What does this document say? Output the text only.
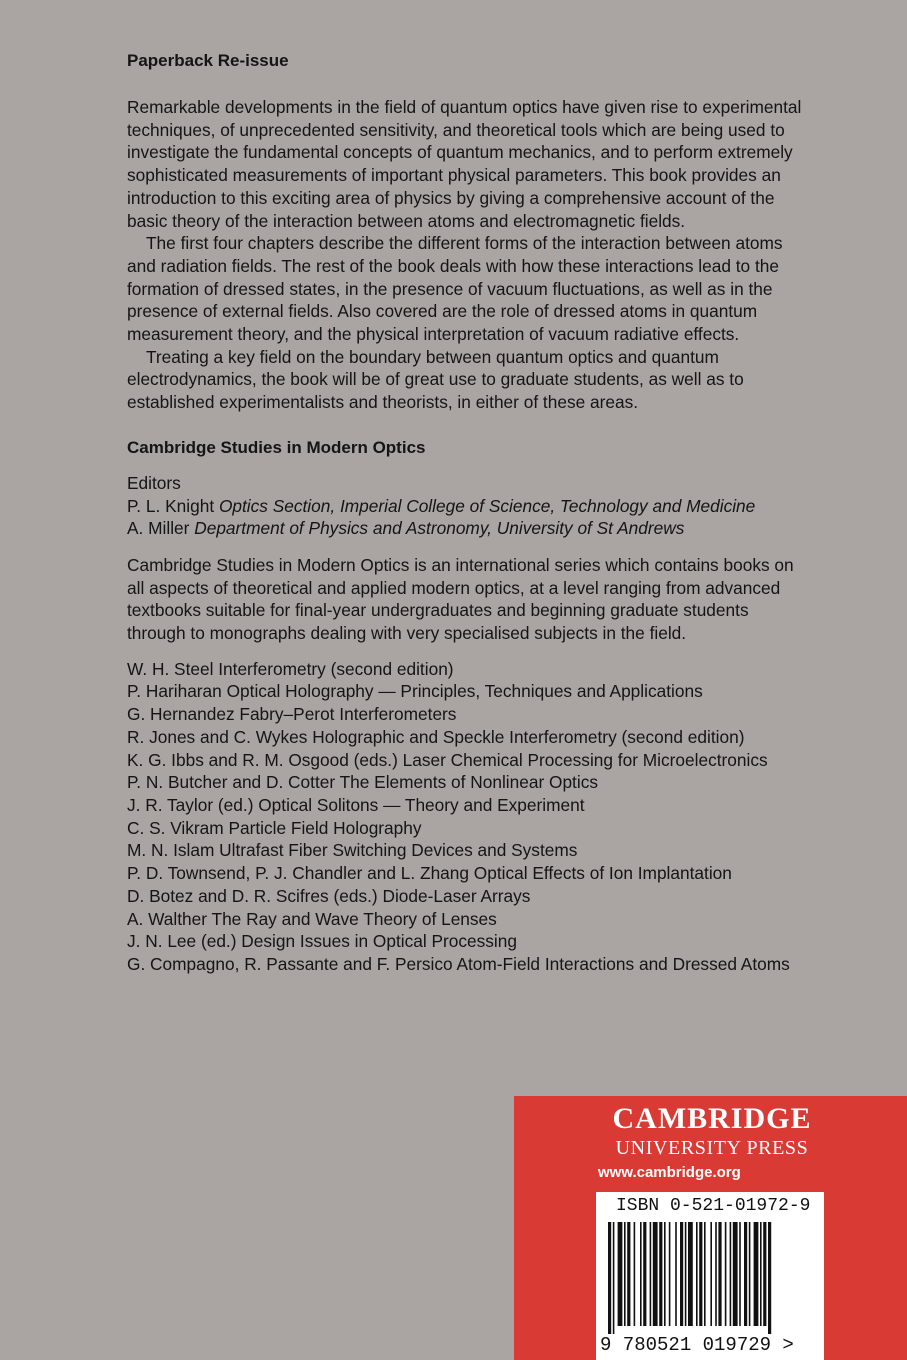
Paperback Re-issue

Remarkable developments in the field of quantum optics have given rise to experimental techniques, of unprecedented sensitivity, and theoretical tools which are being used to investigate the fundamental concepts of quantum mechanics, and to perform extremely sophisticated measurements of important physical parameters. This book provides an introduction to this exciting area of physics by giving a comprehensive account of the basic theory of the interaction between atoms and electromagnetic fields.

The first four chapters describe the different forms of the interaction between atoms and radiation fields. The rest of the book deals with how these interactions lead to the formation of dressed states, in the presence of vacuum fluctuations, as well as in the presence of external fields. Also covered are the role of dressed atoms in quantum measurement theory, and the physical interpretation of vacuum radiative effects.

Treating a key field on the boundary between quantum optics and quantum electrodynamics, the book will be of great use to graduate students, as well as to established experimentalists and theorists, in either of these areas.

Cambridge Studies in Modern Optics

Editors

P. L. Knight Optics Section, Imperial College of Science, Technology and Medicine

A. Miller Department of Physics and Astronomy, University of St Andrews

Cambridge Studies in Modern Optics is an international series which contains books on all aspects of theoretical and applied modern optics, at a level ranging from advanced textbooks suitable for final-year undergraduates and beginning graduate students through to monographs dealing with very specialised subjects in the field.

W. H. Steel Interferometry (second edition)
P. Hariharan Optical Holography — Principles, Techniques and Applications
G. Hernandez Fabry–Perot Interferometers
R. Jones and C. Wykes Holographic and Speckle Interferometry (second edition)
K. G. Ibbs and R. M. Osgood (eds.) Laser Chemical Processing for Microelectronics
P. N. Butcher and D. Cotter The Elements of Nonlinear Optics
J. R. Taylor (ed.) Optical Solitons — Theory and Experiment
C. S. Vikram Particle Field Holography
M. N. Islam Ultrafast Fiber Switching Devices and Systems
P. D. Townsend, P. J. Chandler and L. Zhang Optical Effects of Ion Implantation
D. Botez and D. R. Scifres (eds.) Diode-Laser Arrays
A. Walther The Ray and Wave Theory of Lenses
J. N. Lee (ed.) Design Issues in Optical Processing
G. Compagno, R. Passante and F. Persico Atom-Field Interactions and Dressed Atoms
CAMBRIDGE
UNIVERSITY PRESS
www.cambridge.org
ISBN 0-521-01972-9
9 780521 019729 >
